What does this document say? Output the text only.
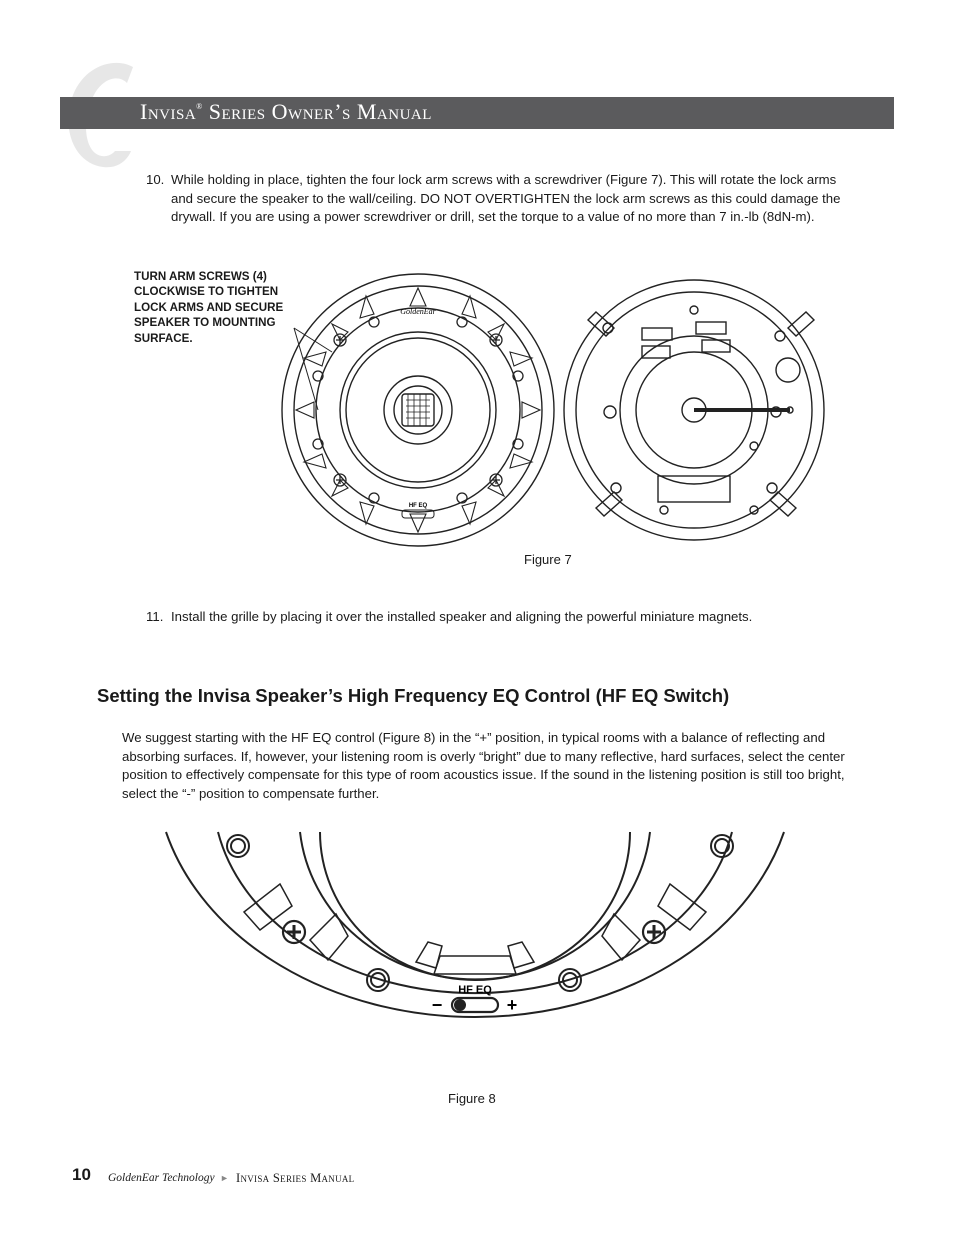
Invisa® Series Owner’s Manual
10. While holding in place, tighten the four lock arm screws with a screwdriver (Figure 7). This will rotate the lock arms and secure the speaker to the wall/ceiling. DO NOT OVERTIGHTEN the lock arm screws as this could damage the drywall. If you are using a power screwdriver or drill, set the torque to a value of no more than 7 in.-lb (8dN-m).
TURN ARM SCREWS (4) CLOCKWISE TO TIGHTEN LOCK ARMS AND SECURE SPEAKER TO MOUNTING SURFACE.
HF EQ
GoldenEar
Figure 7
11. Install the grille by placing it over the installed speaker and aligning the powerful miniature magnets.
Setting the Invisa Speaker’s High Frequency EQ Control (HF EQ Switch)
We suggest starting with the HF EQ control (Figure 8) in the “+” position, in typical rooms with a balance of reflecting and absorbing surfaces. If, however, your listening room is overly “bright” due to many reflective, hard surfaces, select the center position to effectively compensate for this type of room acoustics issue. If the sound in the listening position is still too bright, select the “-” position to compensate further.
HF EQ
−	+
Figure 8
10 GoldenEar Technology ► Invisa Series Manual
